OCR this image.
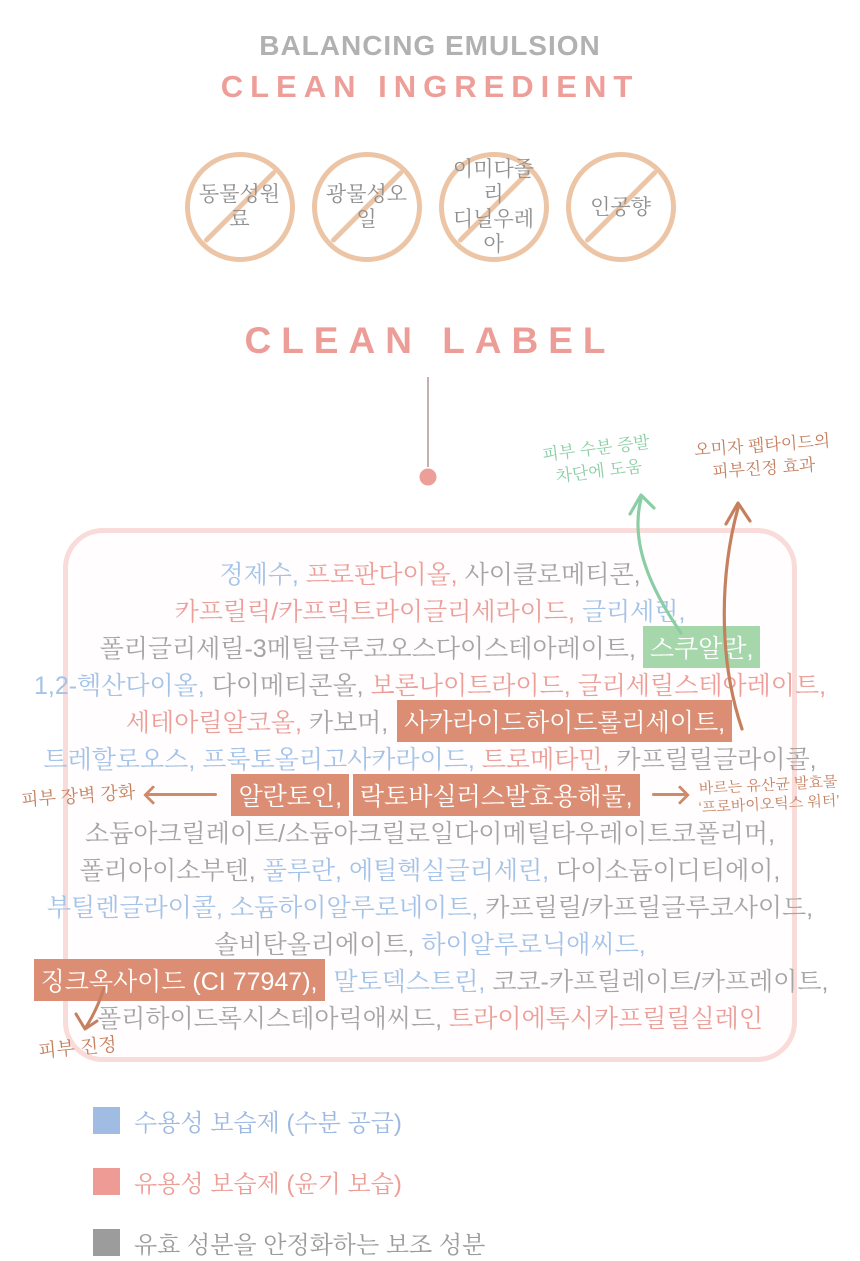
BALANCING EMULSION
CLEAN INGREDIENT
동물성원료
광물성오일
이미다졸리
디닐우레아
인공향
CLEAN LABEL
피부 수분 증발
차단에 도움
오미자 펩타이드의
피부진정 효과
피부 진정
정제수, 프로판다이올, 사이클로메티콘,
카프릴릭/카프릭트라이글리세라이드, 글리세린,
폴리글리세릴-3메틸글루코오스다이스테아레이트, 스쿠알란,
1,2-헥산다이올, 다이메티콘올, 보론나이트라이드, 글리세릴스테아레이트,
세테아릴알코올, 카보머, 사카라이드하이드롤리세이트,
트레할로오스, 프룩토올리고사카라이드, 트로메타민, 카프릴릴글라이콜,
피부 장벽 강화	알란토인, 락토바실러스발효용해물,	바르는 유산균 발효물
‘프로바이오틱스 워터’
소듐아크릴레이트/소듐아크릴로일다이메틸타우레이트코폴리머,
폴리아이소부텐, 풀루란, 에틸헥실글리세린, 다이소듐이디티에이,
부틸렌글라이콜, 소듐하이알루로네이트, 카프릴릴/카프릴글루코사이드,
솔비탄올리에이트, 하이알루로닉애씨드,
징크옥사이드 (CI 77947), 말토덱스트린, 코코-카프릴레이트/카프레이트,
폴리하이드록시스테아릭애씨드, 트라이에톡시카프릴릴실레인
수용성 보습제 (수분 공급)
유용성 보습제 (윤기 보습)
유효 성분을 안정화하는 보조 성분
